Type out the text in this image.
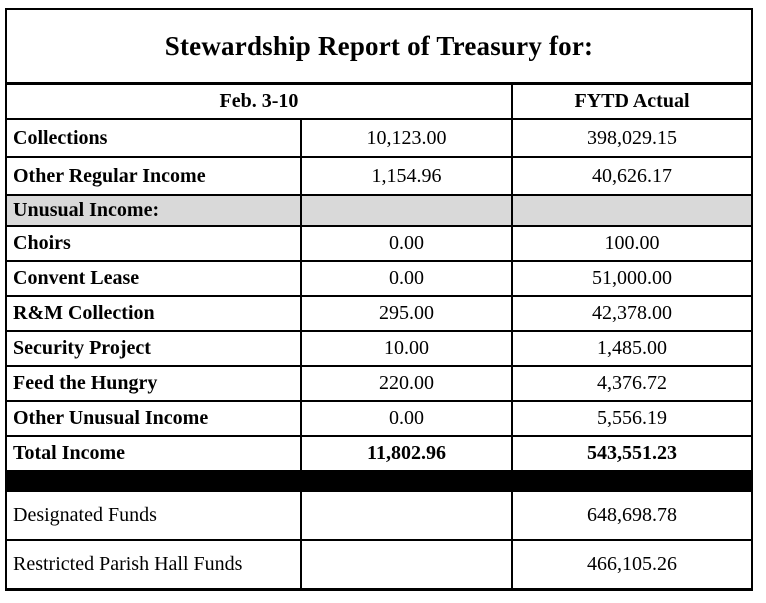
Stewardship Report of Treasury for:		
Feb. 3-10		FYTD Actual
Collections	10,123.00	398,029.15
Other Regular Income	1,154.96	40,626.17
Unusual Income:		
Choirs	0.00	100.00
Convent Lease	0.00	51,000.00
R&M Collection	295.00	42,378.00
Security Project	10.00	1,485.00
Feed the Hungry	220.00	4,376.72
Other Unusual Income	0.00	5,556.19
Total Income	11,802.96	543,551.23

Designated Funds		648,698.78
Restricted Parish Hall Funds		466,105.26
